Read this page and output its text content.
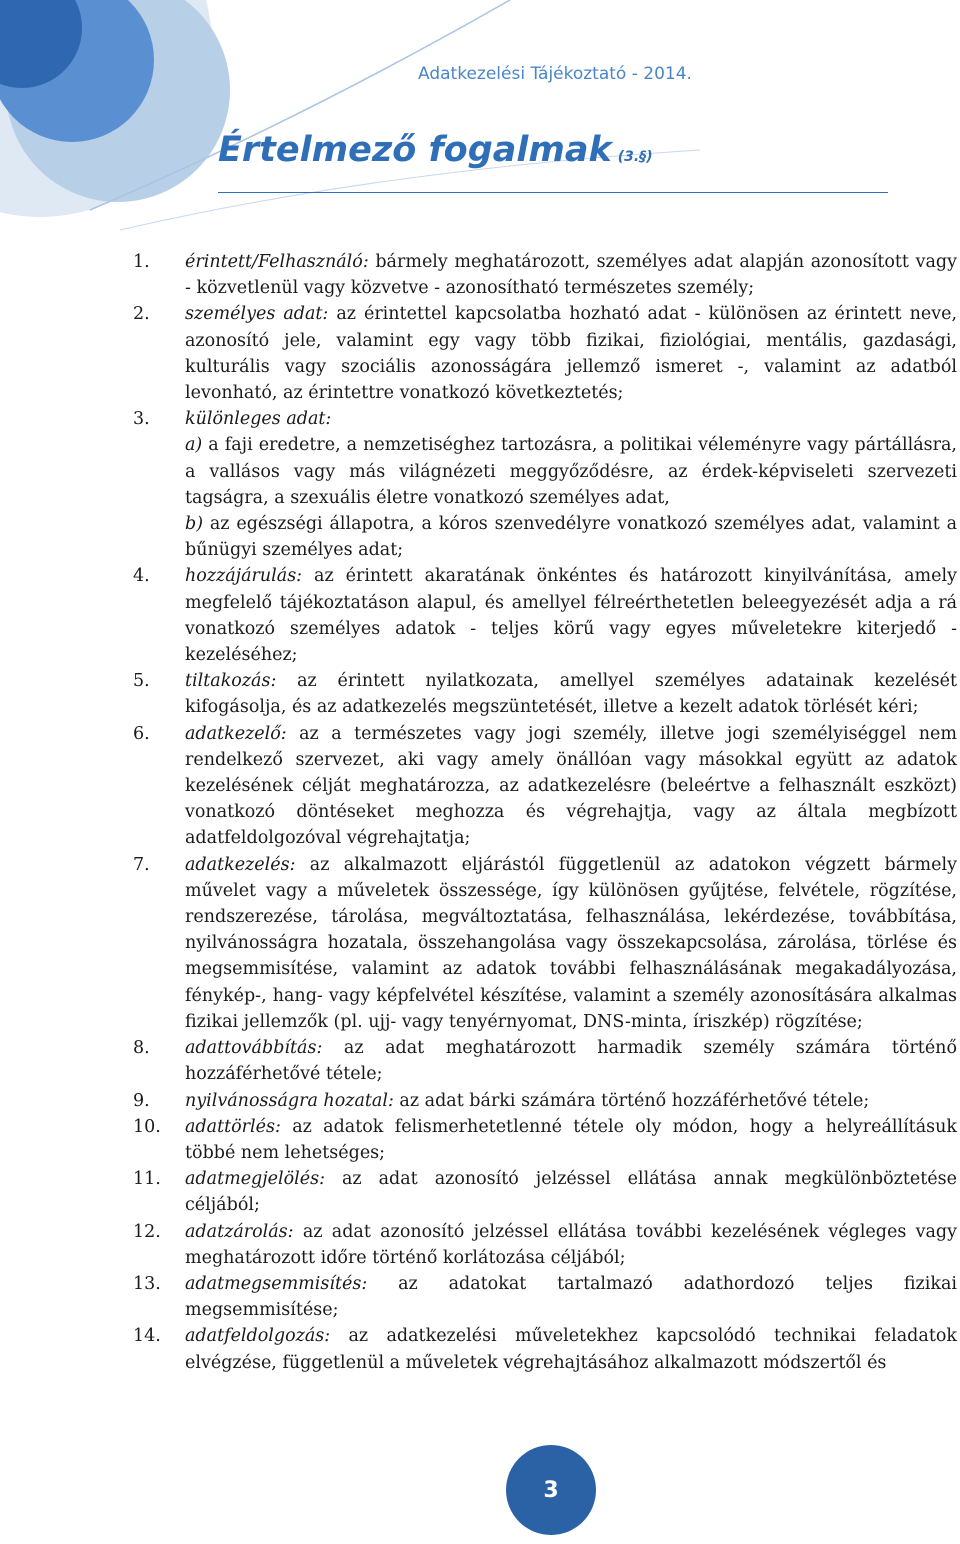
Adatkezelési Tájékoztató - 2014.
Értelmező fogalmak (3.§)
1.	érintett/Felhasználó: bármely meghatározott, személyes adat alapján azonosított vagy - közvetlenül vagy közvetve - azonosítható természetes személy;
2.	személyes adat: az érintettel kapcsolatba hozható adat - különösen az érintett neve, azonosító jele, valamint egy vagy több fizikai, fiziológiai, mentális, gazdasági, kulturális vagy szociális azonosságára jellemző ismeret -, valamint az adatból levonható, az érintettre vonatkozó következtetés;
3.	különleges adat:
a) a faji eredetre, a nemzetiséghez tartozásra, a politikai véleményre vagy pártállásra, a vallásos vagy más világnézeti meggyőződésre, az érdek-képviseleti szervezeti tagságra, a szexuális életre vonatkozó személyes adat,
b) az egészségi állapotra, a kóros szenvedélyre vonatkozó személyes adat, valamint a bűnügyi személyes adat;
4.	hozzájárulás: az érintett akaratának önkéntes és határozott kinyilvánítása, amely megfelelő tájékoztatáson alapul, és amellyel félreérthetetlen beleegyezését adja a rá vonatkozó személyes adatok - teljes körű vagy egyes műveletekre kiterjedő - kezeléséhez;
5.	tiltakozás: az érintett nyilatkozata, amellyel személyes adatainak kezelését kifogásolja, és az adatkezelés megszüntetését, illetve a kezelt adatok törlését kéri;
6.	adatkezelő: az a természetes vagy jogi személy, illetve jogi személyiséggel nem rendelkező szervezet, aki vagy amely önállóan vagy másokkal együtt az adatok kezelésének célját meghatározza, az adatkezelésre (beleértve a felhasznált eszközt) vonatkozó döntéseket meghozza és végrehajtja, vagy az általa megbízott adatfeldolgozóval végrehajtatja;
7.	adatkezelés: az alkalmazott eljárástól függetlenül az adatokon végzett bármely művelet vagy a műveletek összessége, így különösen gyűjtése, felvétele, rögzítése, rendszerezése, tárolása, megváltoztatása, felhasználása, lekérdezése, továbbítása, nyilvánosságra hozatala, összehangolása vagy összekapcsolása, zárolása, törlése és megsemmisítése, valamint az adatok további felhasználásának megakadályozása, fénykép-, hang- vagy képfelvétel készítése, valamint a személy azonosítására alkalmas fizikai jellemzők (pl. ujj- vagy tenyérnyomat, DNS-minta, íriszkép) rögzítése;
8.	adattovábbítás: az adat meghatározott harmadik személy számára történő hozzáférhetővé tétele;
9.	nyilvánosságra hozatal: az adat bárki számára történő hozzáférhetővé tétele;
10.	adattörlés: az adatok felismerhetetlenné tétele oly módon, hogy a helyreállításuk többé nem lehetséges;
11.	adatmegjelölés: az adat azonosító jelzéssel ellátása annak megkülönböztetése céljából;
12.	adatzárolás: az adat azonosító jelzéssel ellátása további kezelésének végleges vagy meghatározott időre történő korlátozása céljából;
13.	adatmegsemmisítés: az adatokat tartalmazó adathordozó teljes fizikai megsemmisítése;
14.	adatfeldolgozás: az adatkezelési műveletekhez kapcsolódó technikai feladatok elvégzése, függetlenül a műveletek végrehajtásához alkalmazott módszertől és
3
